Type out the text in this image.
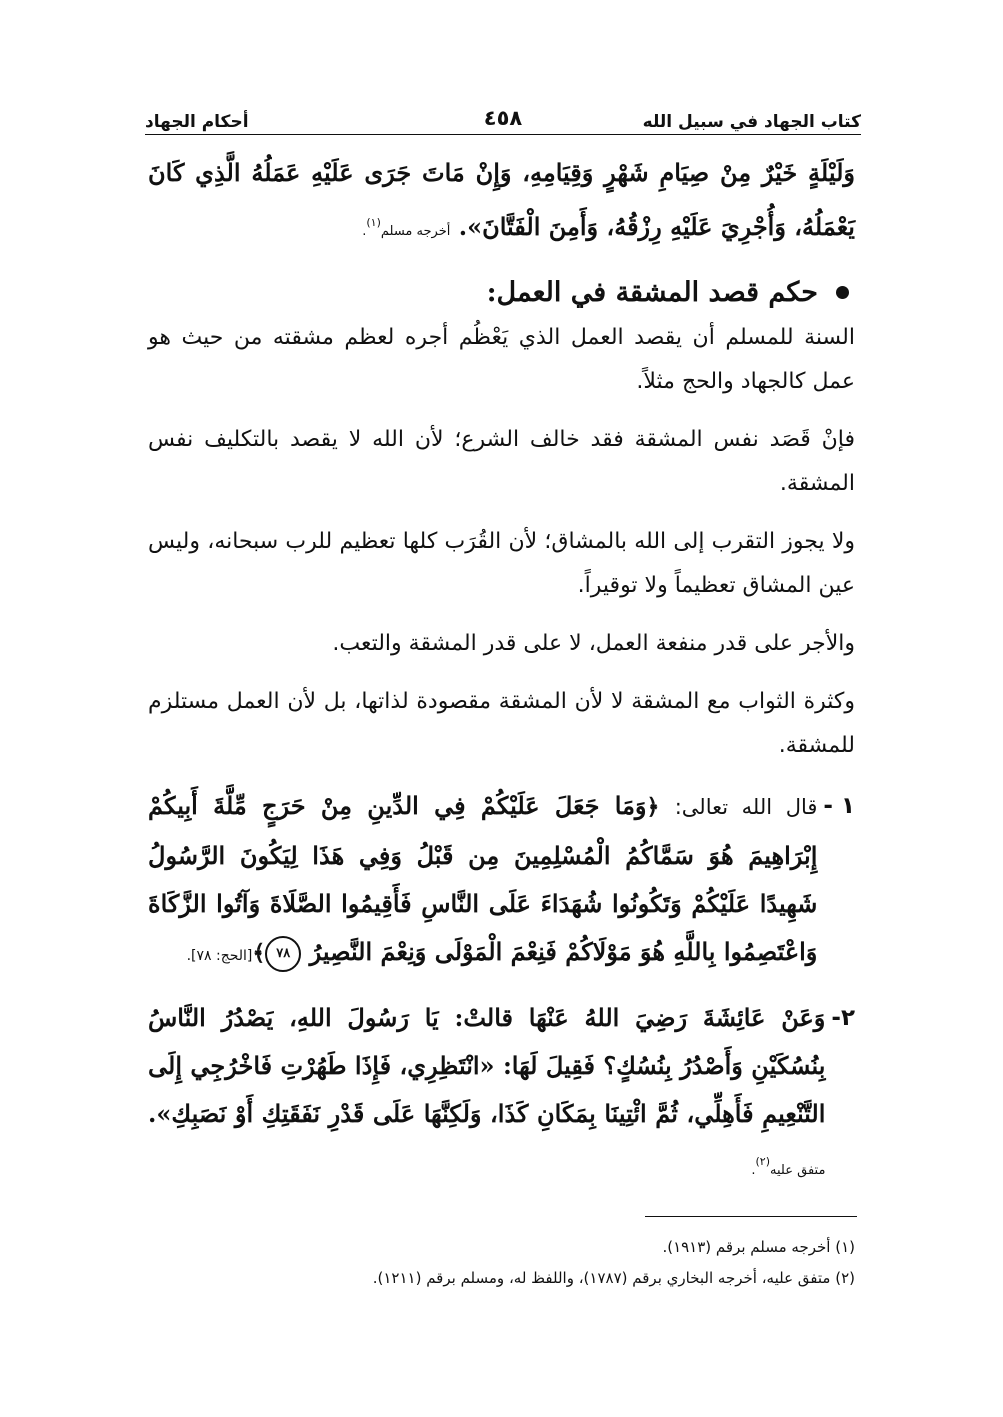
كتاب الجهاد في سبيل الله
٤٥٨
أحكام الجهاد

وَلَيْلَةٍ خَيْرٌ مِنْ صِيَامِ شَهْرٍ وَقِيَامِهِ، وَإِنْ مَاتَ جَرَى عَلَيْهِ عَمَلُهُ الَّذِي كَانَ يَعْمَلُهُ، وَأُجْرِيَ عَلَيْهِ رِزْقُهُ، وَأَمِنَ الْفَتَّانَ». أخرجه مسلم$^{(١)}$.

حكم قصد المشقة في العمل:

السنة للمسلم أن يقصد العمل الذي يَعْظُم أجره لعظم مشقته من حيث هو عمل كالجهاد والحج مثلاً.

فإنْ قَصَد نفس المشقة فقد خالف الشرع؛ لأن الله لا يقصد بالتكليف نفس المشقة.

ولا يجوز التقرب إلى الله بالمشاق؛ لأن القُرَب كلها تعظيم للرب سبحانه، وليس عين المشاق تعظيماً ولا توقيراً.

والأجر على قدر منفعة العمل، لا على قدر المشقة والتعب.

وكثرة الثواب مع المشقة لا لأن المشقة مقصودة لذاتها، بل لأن العمل مستلزم للمشقة.

١ -

قال الله تعالى: ﴿وَمَا جَعَلَ عَلَيْكُمْ فِي الدِّينِ مِنْ حَرَجٍ مِّلَّةَ أَبِيكُمْ إِبْرَاهِيمَ هُوَ سَمَّاكُمُ الْمُسْلِمِينَ مِن قَبْلُ وَفِي هَذَا لِيَكُونَ الرَّسُولُ شَهِيدًا عَلَيْكُمْ وَتَكُونُوا شُهَدَاءَ عَلَى النَّاسِ فَأَقِيمُوا الصَّلَاةَ وَآتُوا الزَّكَاةَ وَاعْتَصِمُوا بِاللَّهِ هُوَ مَوْلَاكُمْ فَنِعْمَ الْمَوْلَى وَنِعْمَ النَّصِيرُ ٧٨﴾[الحج: ٧٨].

٢-

وَعَنْ عَائِشَةَ رَضِيَ اللهُ عَنْهَا قالتْ: يَا رَسُولَ اللهِ، يَصْدُرُ النَّاسُ بِنُسُكَيْنِ وَأَصْدُرُ بِنُسُكٍ؟ فَقِيلَ لَهَا: «انْتَظِرِي، فَإِذَا طَهُرْتِ فَاخْرُجِي إِلَى التَّنْعِيمِ فَأَهِلِّي، ثُمَّ ائْتِينَا بِمَكَانِ كَذَا، وَلَكِنَّهَا عَلَى قَدْرِ نَفَقَتِكِ أَوْ نَصَبِكِ». متفق عليه$^{(٢)}$.

(١) أخرجه مسلم برقم (١٩١٣).
(٢) متفق عليه، أخرجه البخاري برقم (١٧٨٧)، واللفظ له، ومسلم برقم (١٢١١).
